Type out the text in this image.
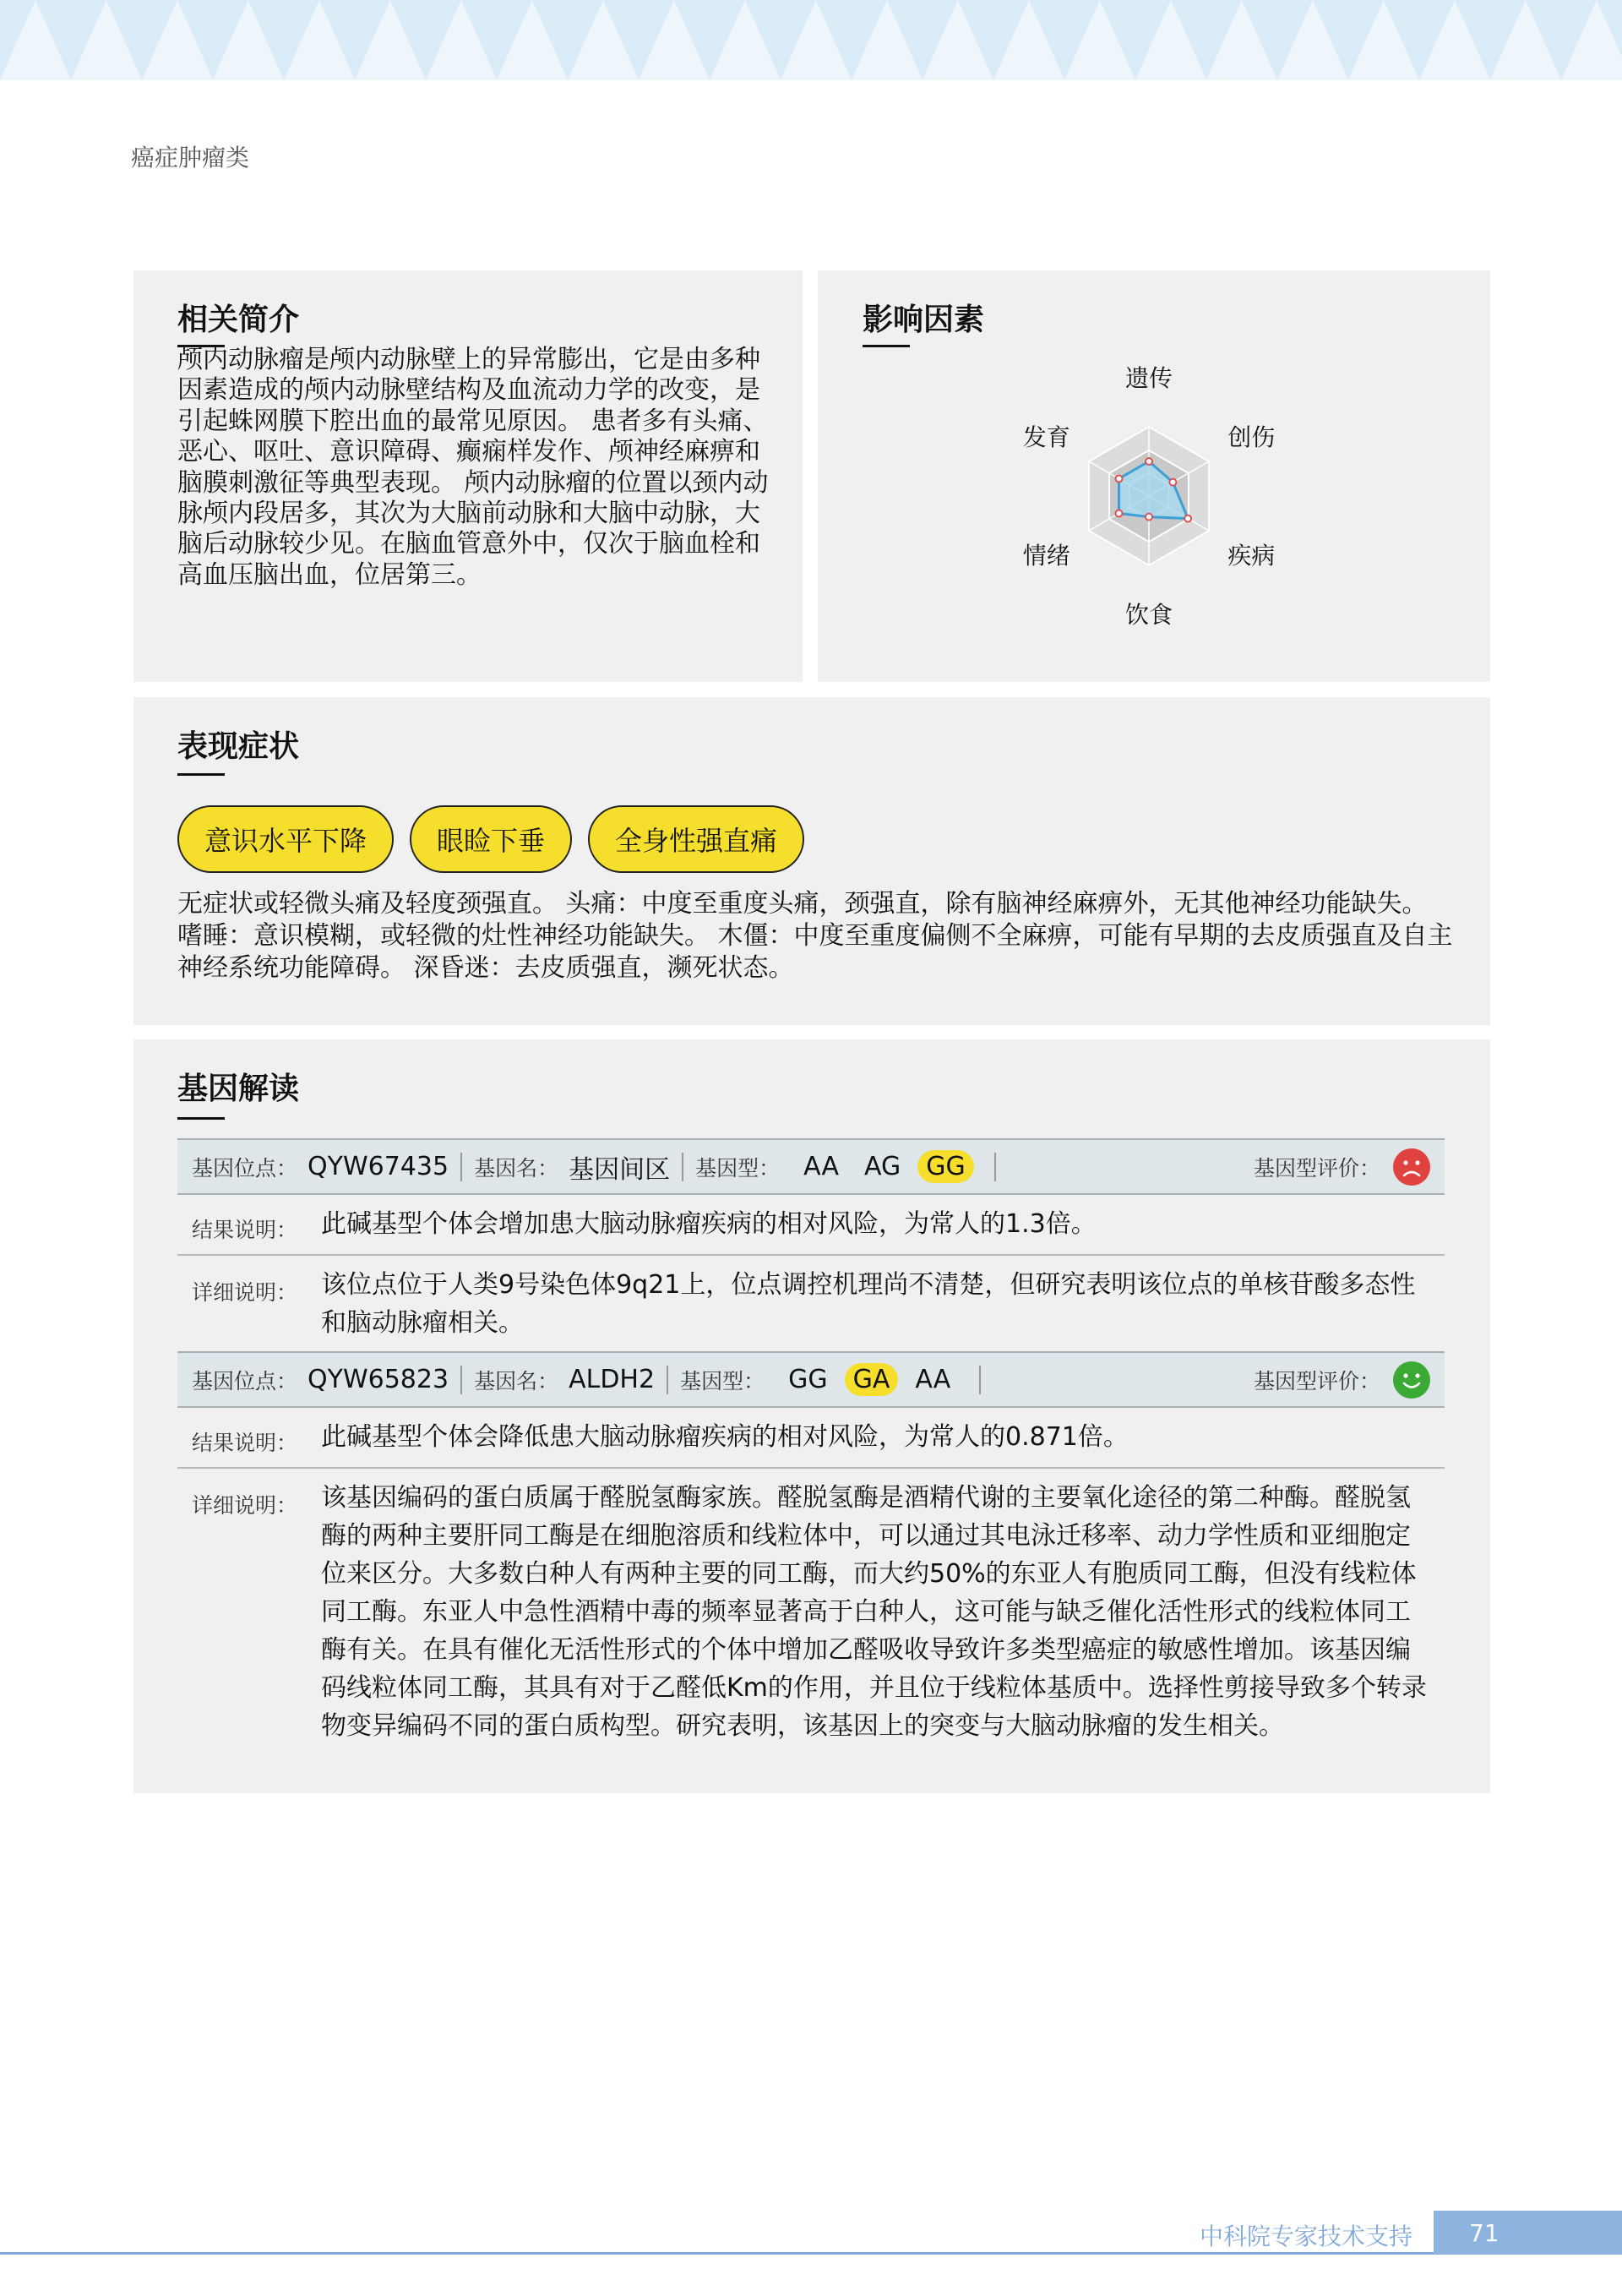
癌症肿瘤类
相关简介
颅内动脉瘤是颅内动脉壁上的异常膨出，它是由多种因素造成的颅内动脉壁结构及血流动力学的改变，是引起蛛网膜下腔出血的最常见原因。 患者多有头痛、恶心、呕吐、意识障碍、癫痫样发作、颅神经麻痹和脑膜刺激征等典型表现。 颅内动脉瘤的位置以颈内动脉颅内段居多，其次为大脑前动脉和大脑中动脉，大脑后动脉较少见。在脑血管意外中，仅次于脑血栓和高血压脑出血，位居第三。
影响因素
遗传
创伤
疾病
饮食
情绪
发育
表现症状
意识水平下降	眼睑下垂	全身性强直痛
无症状或轻微头痛及轻度颈强直。 头痛：中度至重度头痛，颈强直，除有脑神经麻痹外，无其他神经功能缺失。 嗜睡：意识模糊，或轻微的灶性神经功能缺失。 木僵：中度至重度偏侧不全麻痹，可能有早期的去皮质强直及自主神经系统功能障碍。 深昏迷：去皮质强直，濒死状态。
基因解读
基因位点： QYW67435 基因名： 基因间区 基因型： AA	AG	GG	基因型评价：
结果说明： 此碱基型个体会增加患大脑动脉瘤疾病的相对风险，为常人的1.3倍。
详细说明： 该位点位于人类9号染色体9q21上，位点调控机理尚不清楚，但研究表明该位点的单核苷酸多态性和脑动脉瘤相关。
基因位点： QYW65823 基因名： ALDH2 基因型： GG	GA	AA	基因型评价：
结果说明： 此碱基型个体会降低患大脑动脉瘤疾病的相对风险，为常人的0.871倍。
详细说明： 该基因编码的蛋白质属于醛脱氢酶家族。醛脱氢酶是酒精代谢的主要氧化途径的第二种酶。醛脱氢酶的两种主要肝同工酶是在细胞溶质和线粒体中，可以通过其电泳迁移率、动力学性质和亚细胞定位来区分。大多数白种人有两种主要的同工酶，而大约50%的东亚人有胞质同工酶，但没有线粒体同工酶。东亚人中急性酒精中毒的频率显著高于白种人，这可能与缺乏催化活性形式的线粒体同工酶有关。在具有催化无活性形式的个体中增加乙醛吸收导致许多类型癌症的敏感性增加。该基因编码线粒体同工酶，其具有对于乙醛低Km的作用，并且位于线粒体基质中。选择性剪接导致多个转录物变异编码不同的蛋白质构型。研究表明，该基因上的突变与大脑动脉瘤的发生相关。
中科院专家技术支持	71
